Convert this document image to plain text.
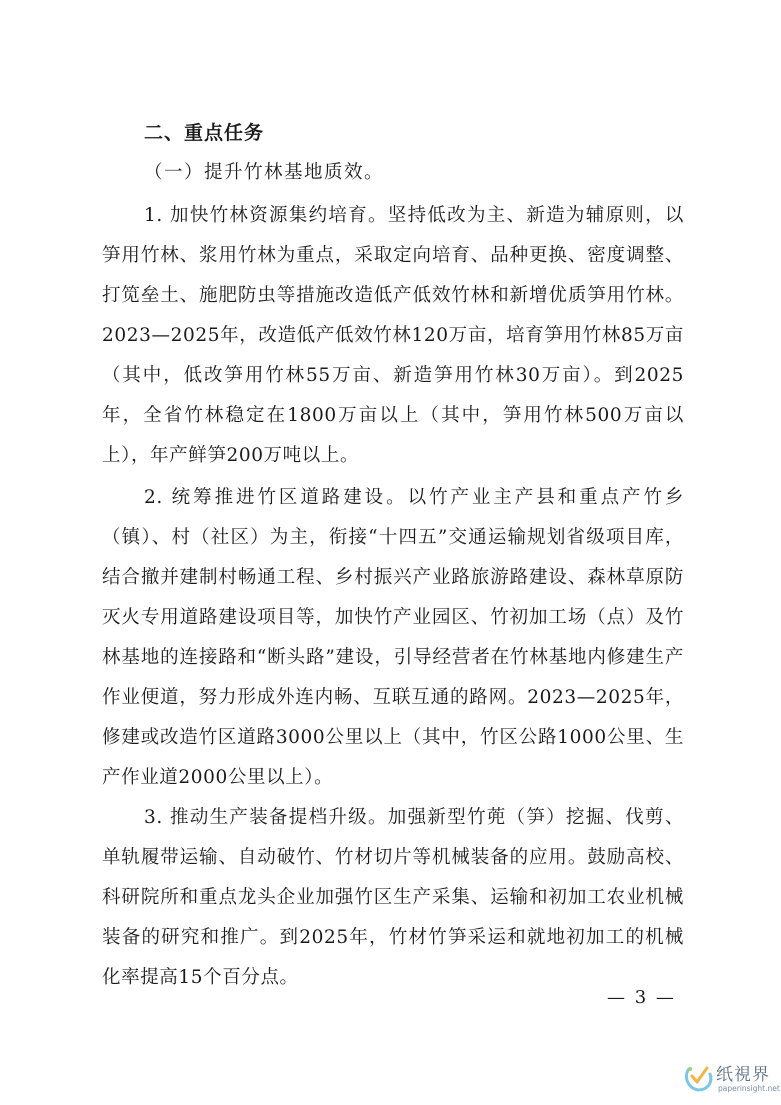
二、重点任务
（一）提升竹林基地质效。

1. 加快竹林资源集约培育。坚持低改为主、新造为辅原则，以笋用竹林、浆用竹林为重点，采取定向培育、品种更换、密度调整、打笕垒土、施肥防虫等措施改造低产低效竹林和新增优质笋用竹林。2023—2025年，改造低产低效竹林120万亩，培育笋用竹林85万亩（其中，低改笋用竹林55万亩、新造笋用竹林30万亩）。到2025年，全省竹林稳定在1800万亩以上（其中，笋用竹林500万亩以上），年产鲜笋200万吨以上。

2. 统筹推进竹区道路建设。以竹产业主产县和重点产竹乡（镇）、村（社区）为主，衔接“十四五”交通运输规划省级项目库，结合撤并建制村畅通工程、乡村振兴产业路旅游路建设、森林草原防灭火专用道路建设项目等，加快竹产业园区、竹初加工场（点）及竹林基地的连接路和“断头路”建设，引导经营者在竹林基地内修建生产作业便道，努力形成外连内畅、互联互通的路网。2023—2025年，修建或改造竹区道路3000公里以上（其中，竹区公路1000公里、生产作业道2000公里以上）。

3. 推动生产装备提档升级。加强新型竹蔸（笋）挖掘、伐剪、单轨履带运输、自动破竹、竹材切片等机械装备的应用。鼓励高校、科研院所和重点龙头企业加强竹区生产采集、运输和初加工农业机械装备的研究和推广。到2025年，竹材竹笋采运和就地初加工的机械化率提高15个百分点。

— 3 —
纸視界
paperinsight.net
